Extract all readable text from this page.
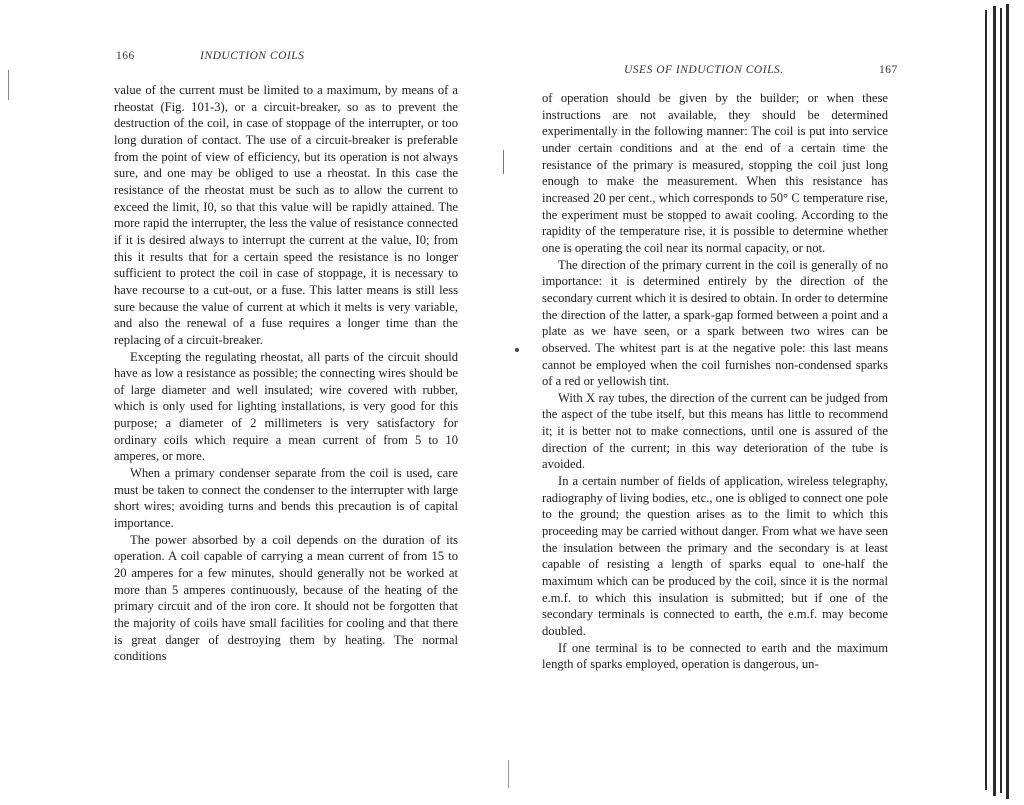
166	INDUCTION COILS

value of the current must be limited to a maximum, by means of a rheostat (Fig. 101-3), or a circuit-breaker, so as to prevent the destruction of the coil, in case of stoppage of the interrupter, or too long duration of contact. The use of a circuit-breaker is preferable from the point of view of efficiency, but its operation is not always sure, and one may be obliged to use a rheostat. In this case the resistance of the rheostat must be such as to allow the current to exceed the limit, I0, so that this value will be rapidly attained. The more rapid the interrupter, the less the value of resistance connected if it is desired always to interrupt the current at the value, I0; from this it results that for a certain speed the resistance is no longer sufficient to protect the coil in case of stoppage, it is necessary to have recourse to a cut-out, or a fuse. This latter means is still less sure because the value of current at which it melts is very variable, and also the renewal of a fuse requires a longer time than the replacing of a circuit-breaker.

Excepting the regulating rheostat, all parts of the circuit should have as low a resistance as possible; the connecting wires should be of large diameter and well insulated; wire covered with rubber, which is only used for lighting installations, is very good for this purpose; a diameter of 2 millimeters is very satisfactory for ordinary coils which require a mean current of from 5 to 10 amperes, or more.

When a primary condenser separate from the coil is used, care must be taken to connect the condenser to the interrupter with large short wires; avoiding turns and bends this precaution is of capital importance.

The power absorbed by a coil depends on the duration of its operation. A coil capable of carrying a mean current of from 15 to 20 amperes for a few minutes, should generally not be worked at more than 5 amperes continuously, because of the heating of the primary circuit and of the iron core. It should not be forgotten that the majority of coils have small facilities for cooling and that there is great danger of destroying them by heating. The normal conditions

USES OF INDUCTION COILS.	167

of operation should be given by the builder; or when these instructions are not available, they should be determined experimentally in the following manner: The coil is put into service under certain conditions and at the end of a certain time the resistance of the primary is measured, stopping the coil just long enough to make the measurement. When this resistance has increased 20 per cent., which corresponds to 50° C temperature rise, the experiment must be stopped to await cooling. According to the rapidity of the temperature rise, it is possible to determine whether one is operating the coil near its normal capacity, or not.

The direction of the primary current in the coil is generally of no importance: it is determined entirely by the direction of the secondary current which it is desired to obtain. In order to determine the direction of the latter, a spark-gap formed between a point and a plate as we have seen, or a spark between two wires can be observed. The whitest part is at the negative pole: this last means cannot be employed when the coil furnishes non-condensed sparks of a red or yellowish tint.

With X ray tubes, the direction of the current can be judged from the aspect of the tube itself, but this means has little to recommend it; it is better not to make connections, until one is assured of the direction of the current; in this way deterioration of the tube is avoided.

In a certain number of fields of application, wireless telegraphy, radiography of living bodies, etc., one is obliged to connect one pole to the ground; the question arises as to the limit to which this proceeding may be carried without danger. From what we have seen the insulation between the primary and the secondary is at least capable of resisting a length of sparks equal to one-half the maximum which can be produced by the coil, since it is the normal e.m.f. to which this insulation is submitted; but if one of the secondary terminals is connected to earth, the e.m.f. may become doubled.

If one terminal is to be connected to earth and the maximum length of sparks employed, operation is dangerous, un-
